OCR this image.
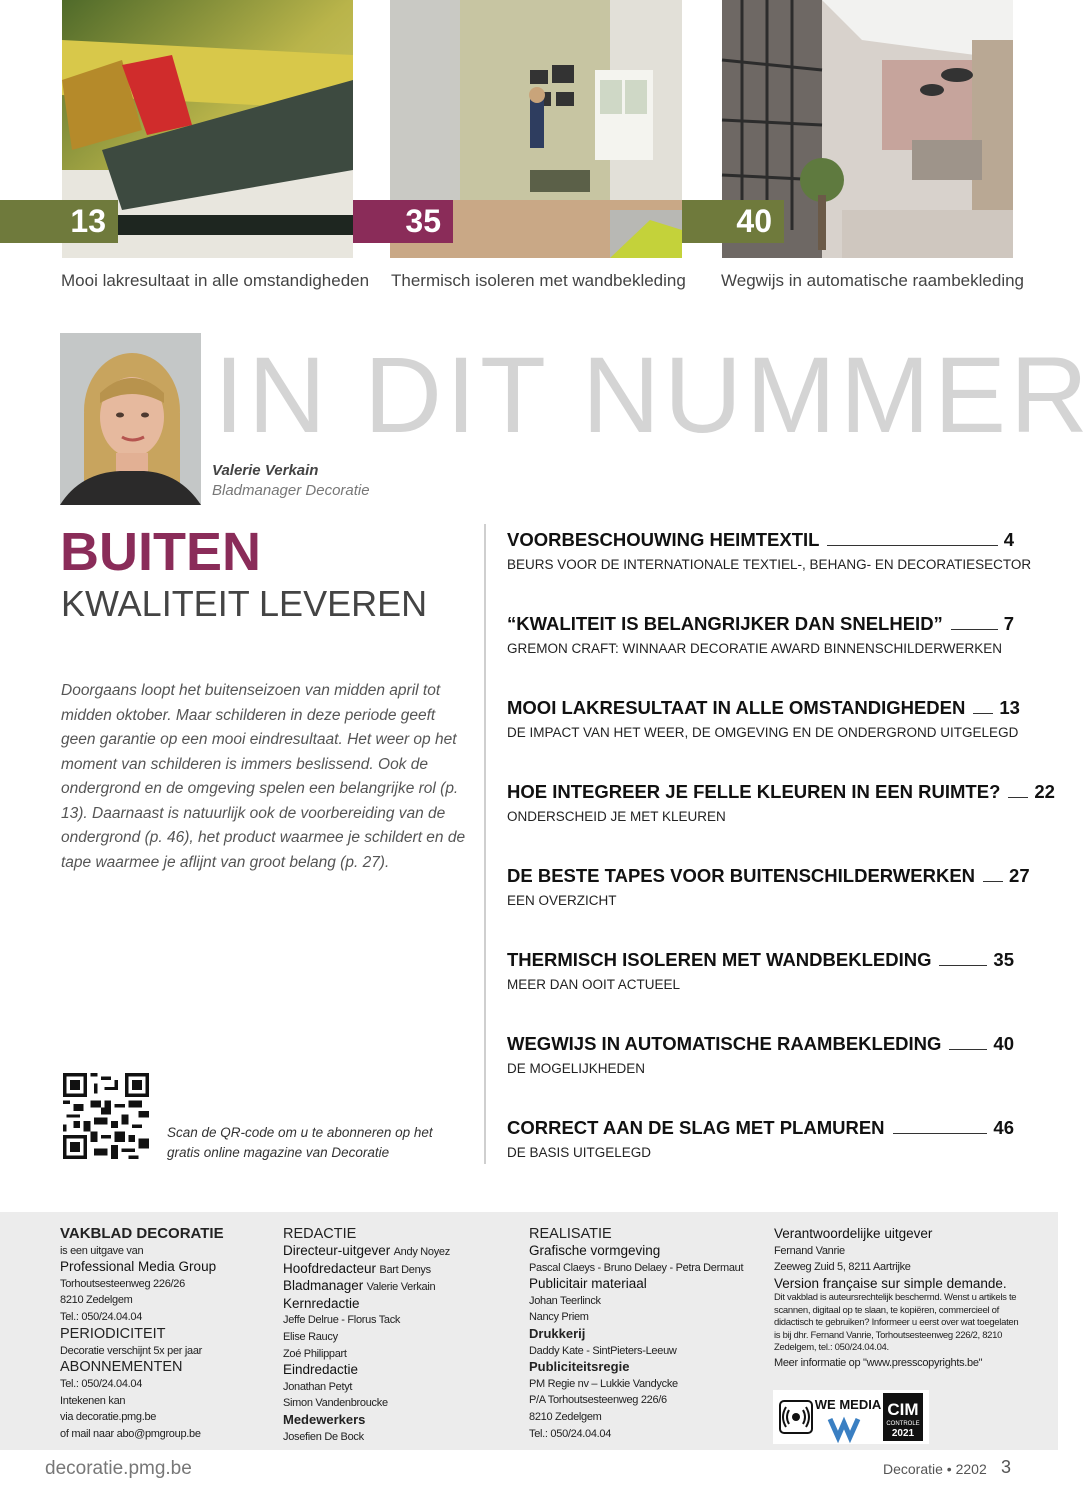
13	35	40
Mooi lakresultaat in alle omstandigheden Thermisch isoleren met wandbekleding Wegwijs in automatische raambekleding
IN DIT NUMMER
Valerie Verkain
Bladmanager Decoratie
BUITEN
KWALITEIT LEVEREN
Doorgaans loopt het buitenseizoen van midden april tot midden oktober. Maar schilderen in deze periode geeft geen garantie op een mooi eindresultaat. Het weer op het moment van schilderen is immers beslissend. Ook de ondergrond en de omgeving spelen een belangrijke rol (p. 13). Daarnaast is natuurlijk ook de voorbereiding van de ondergrond (p. 46), het product waarmee je schildert en de tape waarmee je aflijnt van groot belang (p. 27).
Scan de QR-code om u te abonneren op het gratis online magazine van Decoratie
VOORBESCHOUWING HEIMTEXTIL	4
BEURS VOOR DE INTERNATIONALE TEXTIEL-, BEHANG- EN DECORATIESECTOR
“KWALITEIT IS BELANGRIJKER DAN SNELHEID”	7
GREMON CRAFT: WINNAAR DECORATIE AWARD BINNENSCHILDERWERKEN
MOOI LAKRESULTAAT IN ALLE OMSTANDIGHEDEN 13
DE IMPACT VAN HET WEER, DE OMGEVING EN DE ONDERGROND UITGELEGD
HOE INTEGREER JE FELLE KLEUREN IN EEN RUIMTE? 22
ONDERSCHEID JE MET KLEUREN
DE BESTE TAPES VOOR BUITENSCHILDERWERKEN 27
EEN OVERZICHT
THERMISCH ISOLEREN MET WANDBEKLEDING	35
MEER DAN OOIT ACTUEEL
WEGWIJS IN AUTOMATISCHE RAAMBEKLEDING	40
DE MOGELIJKHEDEN
CORRECT AAN DE SLAG MET PLAMUREN	46
DE BASIS UITGELEGD
VAKBLAD DECORATIE
is een uitgave van
Professional Media Group
Torhoutsesteenweg 226/26
8210 Zedelgem
Tel.: 050/24.04.04
PERIODICITEIT
Decoratie verschijnt 5x per jaar
ABONNEMENTEN
Tel.: 050/24.04.04
Intekenen kan
via decoratie.pmg.be
of mail naar abo@pmgroup.be
REDACTIE
Directeur-uitgever Andy Noyez
Hoofdredacteur Bart Denys
Bladmanager Valerie Verkain
Kernredactie
Jeffe Delrue - Florus Tack
Elise Raucy
Zoé Philippart
Eindredactie
Jonathan Petyt
Simon Vandenbroucke
Medewerkers
Josefien De Bock
REALISATIE
Grafische vormgeving
Pascal Claeys - Bruno Delaey - Petra Dermaut
Publicitair materiaal
Johan Teerlinck
Nancy Priem
Drukkerij
Daddy Kate - SintPieters-Leeuw
Publiciteitsregie
PM Regie nv – Lukkie Vandycke
P/A Torhoutsesteenweg 226/6
8210 Zedelgem
Tel.: 050/24.04.04
Verantwoordelijke uitgever
Fernand Vanrie
Zeeweg Zuid 5, 8211 Aartrijke
Version française sur simple demande.
Dit vakblad is auteursrechtelijk beschermd. Wenst u artikels te scannen, digitaal op te slaan, te kopiëren, commercieel of didactisch te gebruiken? Informeer u eerst over wat toegelaten is bij dhr. Fernand Vanrie, Torhoutsesteenweg 226/2, 8210 Zedelgem, tel.: 050/24.04.04.
Meer informatie op "www.presscopyrights.be"
WE MEDIA CIM
CONTROLE
2021
decoratie.pmg.be	Decoratie • 2202 3
